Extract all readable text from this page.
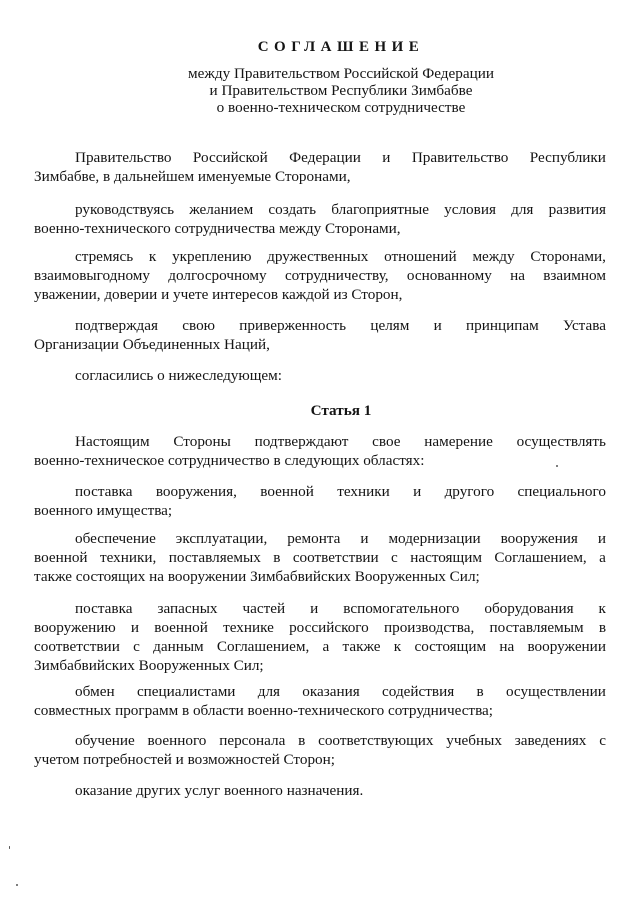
СОГЛАШЕНИЕ
между Правительством Российской Федерации
и Правительством Республики Зимбабве
о военно-техническом сотрудничестве
Правительство Российской Федерации и Правительство Республики
Зимбабве, в дальнейшем именуемые Сторонами,
руководствуясь желанием создать благоприятные условия для развития
военно-технического сотрудничества между Сторонами,
стремясь к укреплению дружественных отношений между Сторонами,
взаимовыгодному долгосрочному сотрудничеству, основанному на взаимном
уважении, доверии и учете интересов каждой из Сторон,
подтверждая свою приверженность целям и принципам Устава
Организации Объединенных Наций,
согласились о нижеследующем:
Статья 1
Настоящим Стороны подтверждают свое намерение осуществлять
военно-техническое сотрудничество в следующих областях:
поставка вооружения, военной техники и другого специального
военного имущества;
обеспечение эксплуатации, ремонта и модернизации вооружения и
военной техники, поставляемых в соответствии с настоящим Соглашением, а
также состоящих на вооружении Зимбабвийских Вооруженных Сил;
поставка запасных частей и вспомогательного оборудования к
вооружению и военной технике российского производства, поставляемым в
соответствии с данным Соглашением, а также к состоящим на вооружении
Зимбабвийских Вооруженных Сил;
обмен специалистами для оказания содействия в осуществлении
совместных программ в области военно-технического сотрудничества;
обучение военного персонала в соответствующих учебных заведениях с
учетом потребностей и возможностей Сторон;
оказание других услуг военного назначения.
